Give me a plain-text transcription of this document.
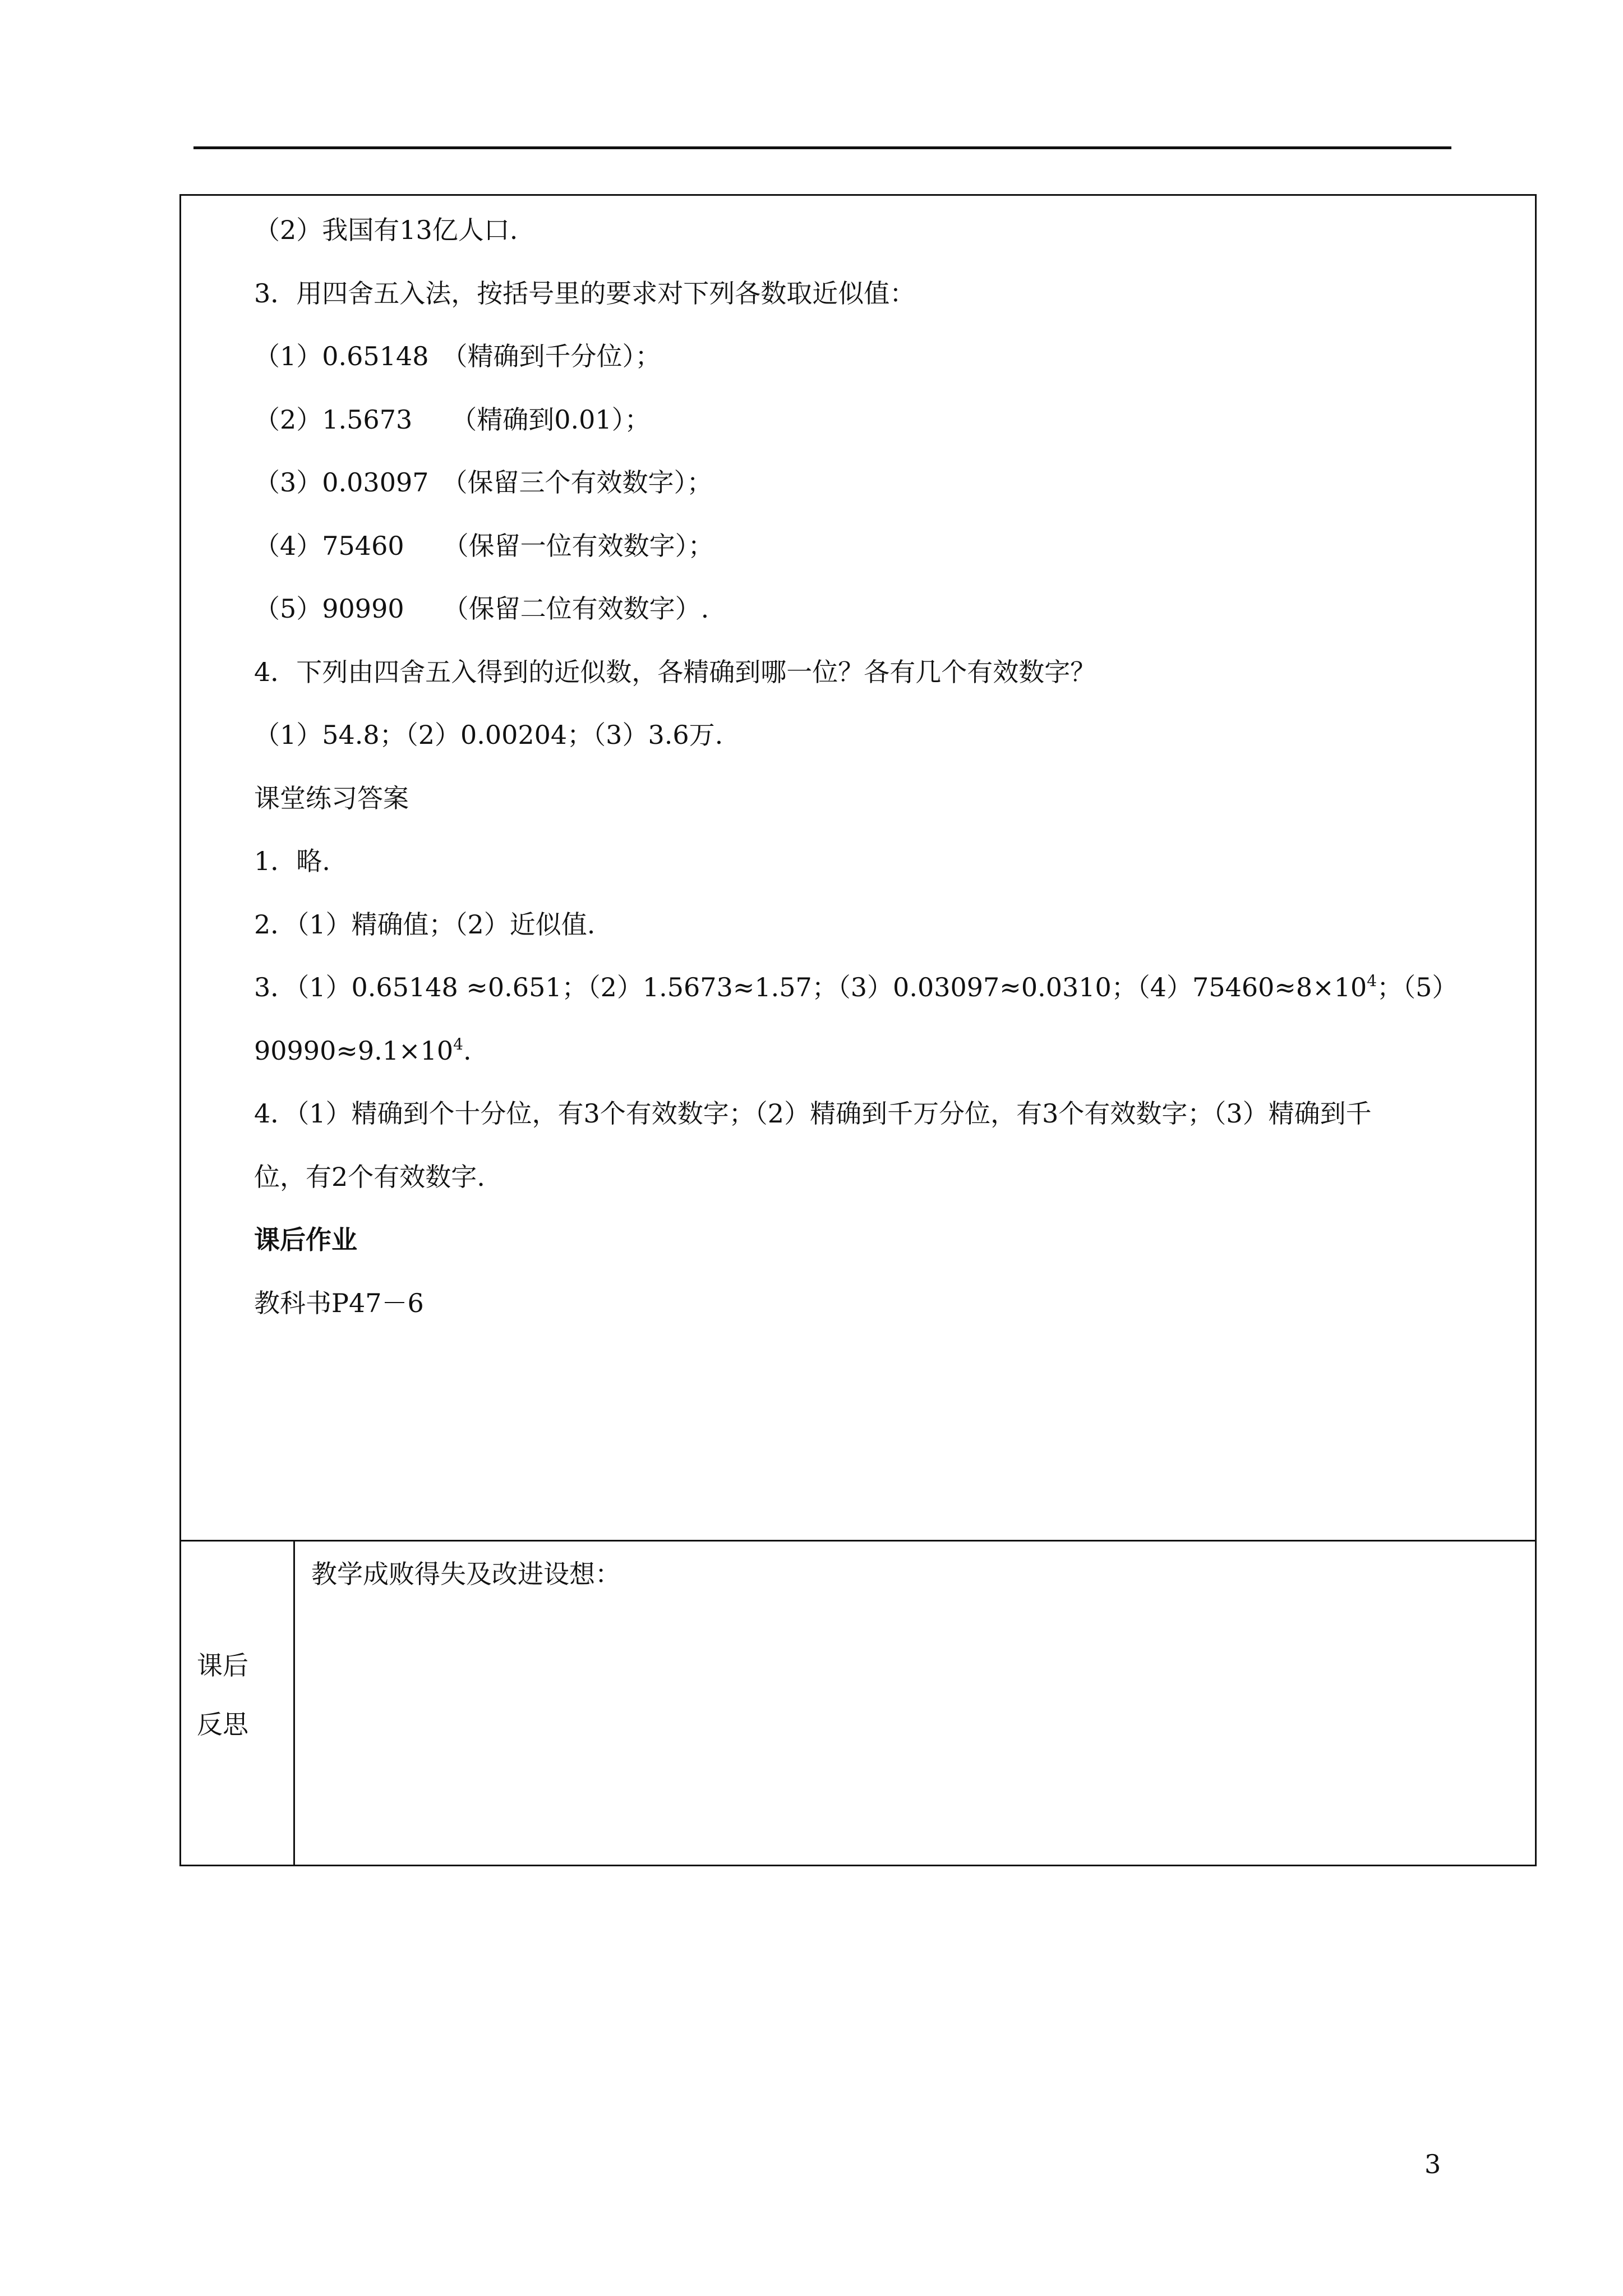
（2）我国有13亿人口.
3．用四舍五入法，按括号里的要求对下列各数取近似值：
（1）0.65148　（精确到千分位）；
（2）1.5673　　（精确到0.01）；
（3）0.03097　（保留三个有效数字）；
（4）75460　　（保留一位有效数字）；
（5）90990　　（保留二位有效数字）.
4．下列由四舍五入得到的近似数，各精确到哪一位？各有几个有效数字？
（1）54.8；（2）0.00204；（3）3.6万.
课堂练习答案
1．略.
2．（1）精确值；（2）近似值.
3．（1）0.65148 ≈0.651；（2）1.5673≈1.57；（3）0.03097≈0.0310；$(4)75460\approx 8\times 10^4$；（5）
$90990\approx 9.1\times 10^4$.
4．（1）精确到个十分位，有3个有效数字；（2）精确到千万分位，有3个有效数字；（3）精确到千
位，有2个有效数字.
课后作业
教科书P47－6
课后
反思
教学成败得失及改进设想：
3
